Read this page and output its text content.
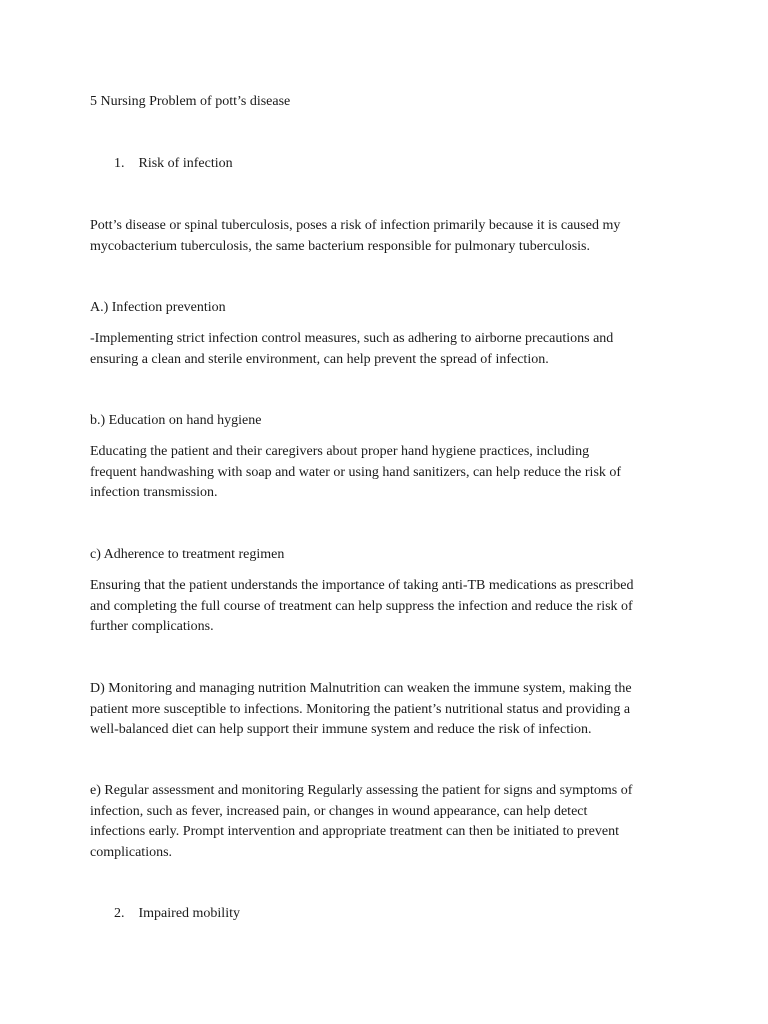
5 Nursing Problem of pott’s disease

1. Risk of infection

Pott’s disease or spinal tuberculosis, poses a risk of infection primarily because it is caused my

mycobacterium tuberculosis, the same bacterium responsible for pulmonary tuberculosis.

A.) Infection prevention

-Implementing strict infection control measures, such as adhering to airborne precautions and

ensuring a clean and sterile environment, can help prevent the spread of infection.

b.) Education on hand hygiene

Educating the patient and their caregivers about proper hand hygiene practices, including

frequent handwashing with soap and water or using hand sanitizers, can help reduce the risk of

infection transmission.

c) Adherence to treatment regimen

Ensuring that the patient understands the importance of taking anti-TB medications as prescribed

and completing the full course of treatment can help suppress the infection and reduce the risk of

further complications.

D) Monitoring and managing nutrition Malnutrition can weaken the immune system, making the

patient more susceptible to infections. Monitoring the patient’s nutritional status and providing a

well-balanced diet can help support their immune system and reduce the risk of infection.

e) Regular assessment and monitoring Regularly assessing the patient for signs and symptoms of

infection, such as fever, increased pain, or changes in wound appearance, can help detect

infections early. Prompt intervention and appropriate treatment can then be initiated to prevent

complications.

2. Impaired mobility
